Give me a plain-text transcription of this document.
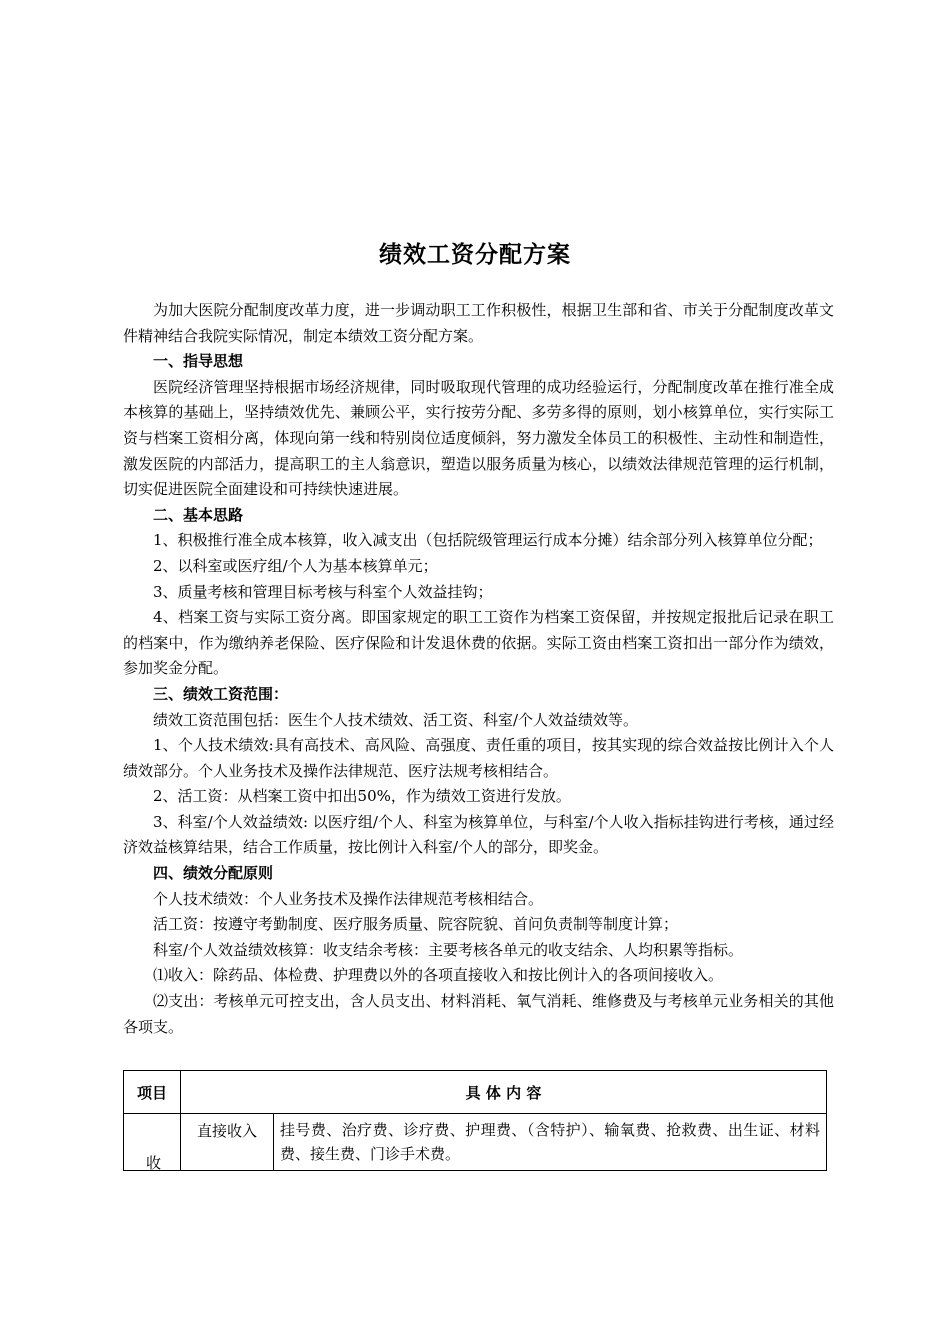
绩效工资分配方案

为加大医院分配制度改革力度，进一步调动职工工作积极性，根据卫生部和省、市关于分配制度改革文件精神结合我院实际情况，制定本绩效工资分配方案。

一、指导思想

医院经济管理坚持根据市场经济规律，同时吸取现代管理的成功经验运行，分配制度改革在推行准全成本核算的基础上，坚持绩效优先、兼顾公平，实行按劳分配、多劳多得的原则，划小核算单位，实行实际工资与档案工资相分离，体现向第一线和特别岗位适度倾斜，努力激发全体员工的积极性、主动性和制造性，激发医院的内部活力，提高职工的主人翁意识，塑造以服务质量为核心，以绩效法律规范管理的运行机制，切实促进医院全面建设和可持续快速进展。

二、基本思路

1、积极推行准全成本核算，收入减支出（包括院级管理运行成本分摊）结余部分列入核算单位分配；

2、以科室或医疗组/个人为基本核算单元；

3、质量考核和管理目标考核与科室个人效益挂钩；

4、档案工资与实际工资分离。即国家规定的职工工资作为档案工资保留，并按规定报批后记录在职工的档案中，作为缴纳养老保险、医疗保险和计发退休费的依据。实际工资由档案工资扣出一部分作为绩效，参加奖金分配。

三、绩效工资范围：

绩效工资范围包括：医生个人技术绩效、活工资、科室/个人效益绩效等。

1、个人技术绩效:具有高技术、高风险、高强度、责任重的项目，按其实现的综合效益按比例计入个人绩效部分。个人业务技术及操作法律规范、医疗法规考核相结合。

2、活工资：从档案工资中扣出50%，作为绩效工资进行发放。

3、科室/个人效益绩效: 以医疗组/个人、科室为核算单位，与科室/个人收入指标挂钩进行考核，通过经济效益核算结果，结合工作质量，按比例计入科室/个人的部分，即奖金。

四、绩效分配原则

个人技术绩效：个人业务技术及操作法律规范考核相结合。

活工资：按遵守考勤制度、医疗服务质量、院容院貌、首问负责制等制度计算；

科室/个人效益绩效核算：收支结余考核：主要考核各单元的收支结余、人均积累等指标。

⑴收入：除药品、体检费、护理费以外的各项直接收入和按比例计入的各项间接收入。

⑵支出：考核单元可控支出，含人员支出、材料消耗、氧气消耗、维修费及与考核单元业务相关的其他各项支。

项目	具 体 内 容	
	直接收入	挂号费、治疗费、诊疗费、护理费、（含特护）、输氧费、抢救费、出生证、材料费、接生费、门诊手术费。
收
